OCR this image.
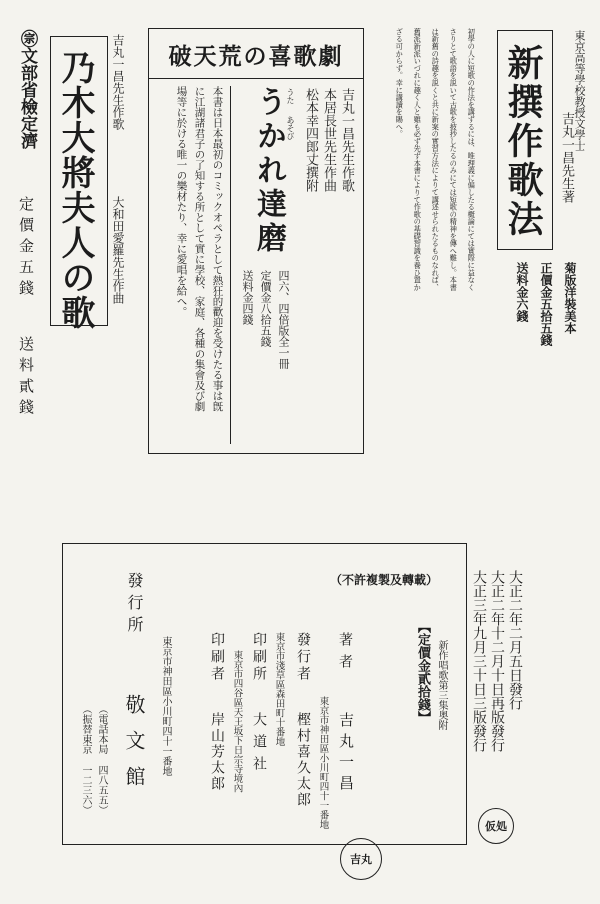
新撰作歌法	東京高等學校教授文學士
吉丸一昌先生著
初學の人に短歌の作法を講ずるには、唯理義に偏したる概論にては實際に益なく
さりとて歌語を説いて古歌を披抄したるのみにては短歌の精神を傳へ難し。本書
は新舊の詩趣を説くと共に新案の實習方法によりて講述せられたるものなれば、
舊派新派いづれに趣く人と雖も必ず先ず本書によりて作歌の基礎智識を養ひ置か
ざる可からず。幸に講讀を賜へ。
菊版洋裝美本
正價金五拾五錢
送料金六錢
破天荒の喜歌劇
吉丸一昌先生作歌
本居長世先生作曲
松本幸四郎丈撰附
うた
あそび
うかれ達磨
四六、四倍版全一冊
定價金八拾五錢
送料金四錢
本書は日本最初のコミックオペラとして熱狂的歡迎を受けたる事は旣
に江湖諸君子の了知する所として實に學校、家庭、各種の集會及び劇
場等に於ける唯一の樂材たり、幸に愛唱を給へ。
吉丸一昌先生作歌
大和田愛羅先生作曲
乃木大將夫人の歌
㊪文部省檢定濟
定價金五錢
送料貳錢
大正二年二月五日發行
大正二年十二月十日再版發行
大正三年九月三十日三版發行
新作唱歌第三集奥附
【定價金貳拾錢】
仮処
（不許複製及轉載）
著者
吉丸一昌
吉丸
東京市神田區小川町四十一番地
發行者
樫村喜久太郎
東京市淺草區森田町十番地
印刷所
大道社
東京市四谷區天王坂下日宗寺境內
印刷者
岸山芳太郎
東京市神田區小川町四十一番地
發行所
敬文館
（電話本局 四八五五）
（振替東京 一二三六）
